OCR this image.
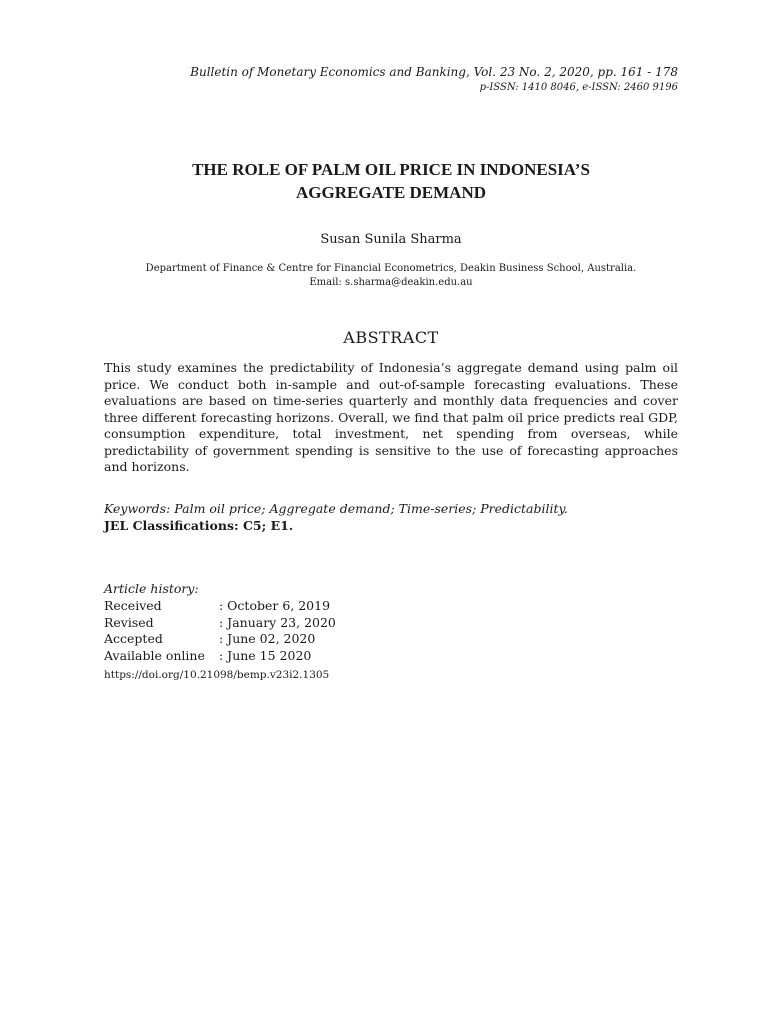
Bulletin of Monetary Economics and Banking, Vol. 23 No. 2, 2020, pp. 161 - 178
p-ISSN: 1410 8046, e-ISSN: 2460 9196
THE ROLE OF PALM OIL PRICE IN INDONESIA’S
AGGREGATE DEMAND
Susan Sunila Sharma
Department of Finance & Centre for Financial Econometrics, Deakin Business School, Australia.
Email: s.sharma@deakin.edu.au
ABSTRACT
This study examines the predictability of Indonesia’s aggregate demand using palm oil price. We conduct both in-sample and out-of-sample forecasting evaluations. These evaluations are based on time-series quarterly and monthly data frequencies and cover three different forecasting horizons. Overall, we find that palm oil price predicts real GDP, consumption expenditure, total investment, net spending from overseas, while predictability of government spending is sensitive to the use of forecasting approaches and horizons.
Keywords: Palm oil price; Aggregate demand; Time-series; Predictability.
JEL Classifications: C5; E1.
Article history:
Received	: October 6, 2019
Revised	: January 23, 2020
Accepted	: June 02, 2020
Available online	: June 15 2020
https://doi.org/10.21098/bemp.v23i2.1305
